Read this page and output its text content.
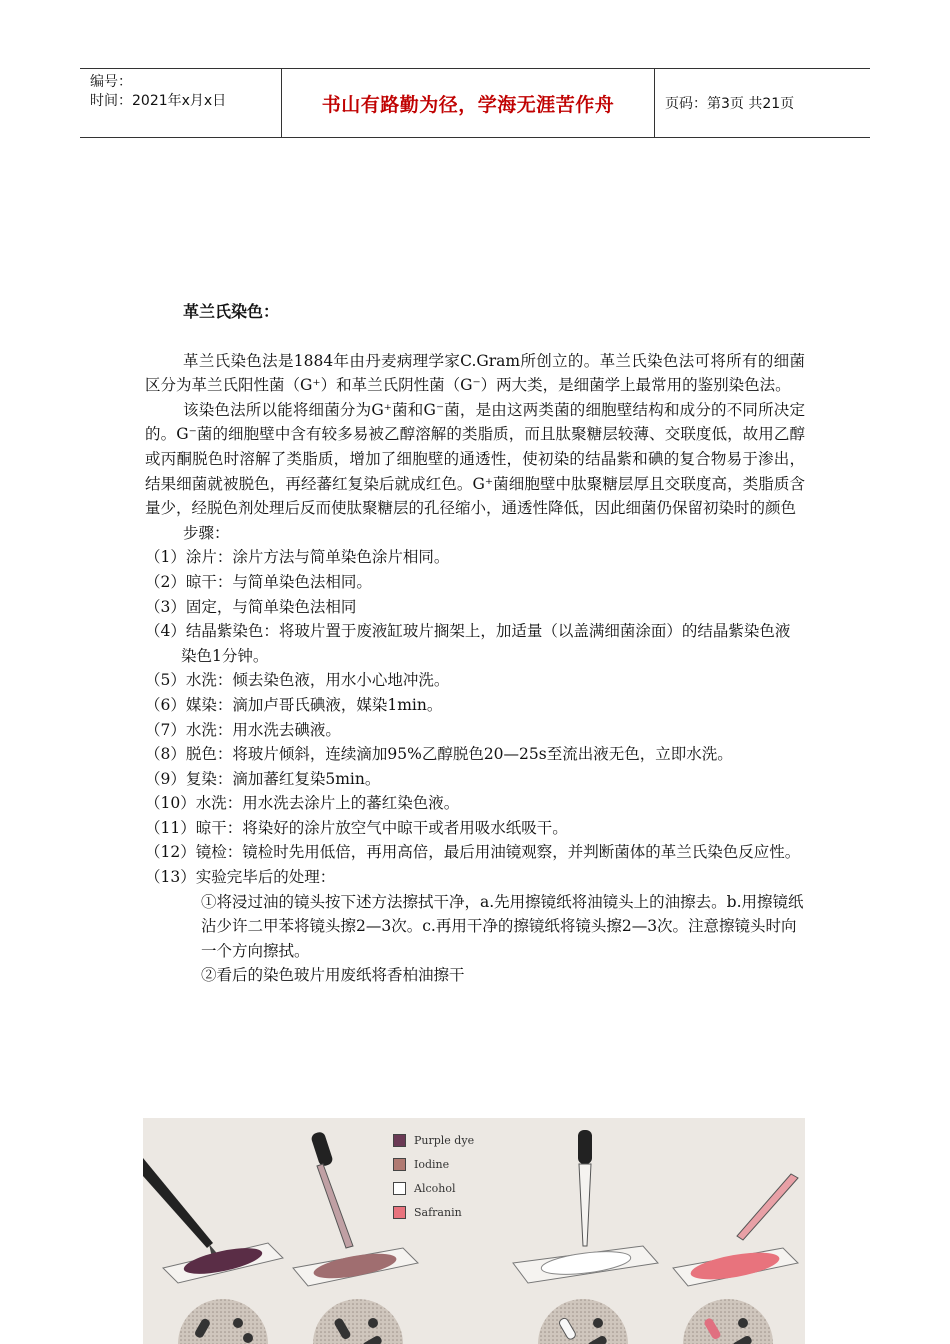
编号：
时间：2021年x月x日	书山有路勤为径，学海无涯苦作舟	页码：第3页 共21页

革兰氏染色：

革兰氏染色法是1884年由丹麦病理学家C.Gram所创立的。革兰氏染色法可将所有的细菌区分为革兰氏阳性菌（G⁺）和革兰氏阴性菌（G⁻）两大类，是细菌学上最常用的鉴别染色法。

该染色法所以能将细菌分为G⁺菌和G⁻菌，是由这两类菌的细胞壁结构和成分的不同所决定的。G⁻菌的细胞壁中含有较多易被乙醇溶解的类脂质，而且肽聚糖层较薄、交联度低，故用乙醇或丙酮脱色时溶解了类脂质，增加了细胞壁的通透性，使初染的结晶紫和碘的复合物易于渗出，结果细菌就被脱色，再经蕃红复染后就成红色。G⁺菌细胞壁中肽聚糖层厚且交联度高，类脂质含量少，经脱色剂处理后反而使肽聚糖层的孔径缩小，通透性降低，因此细菌仍保留初染时的颜色

步骤：

（1）涂片：涂片方法与简单染色涂片相同。

（2）晾干：与简单染色法相同。

（3）固定，与简单染色法相同

（4）结晶紫染色：将玻片置于废液缸玻片搁架上，加适量（以盖满细菌涂面）的结晶紫染色液染色1分钟。

（5）水洗：倾去染色液，用水小心地冲洗。

（6）媒染：滴加卢哥氏碘液，媒染1min。

（7）水洗：用水洗去碘液。

（8）脱色：将玻片倾斜，连续滴加95%乙醇脱色20—25s至流出液无色，立即水洗。

（9）复染：滴加蕃红复染5min。

（10）水洗：用水洗去涂片上的蕃红染色液。

（11）晾干：将染好的涂片放空气中晾干或者用吸水纸吸干。

（12）镜检：镜检时先用低倍，再用高倍，最后用油镜观察，并判断菌体的革兰氏染色反应性。

（13）实验完毕后的处理：

①将浸过油的镜头按下述方法擦拭干净，a.先用擦镜纸将油镜头上的油擦去。b.用擦镜纸沾少许二甲苯将镜头擦2—3次。c.再用干净的擦镜纸将镜头擦2—3次。注意擦镜头时向一个方向擦拭。

②看后的染色玻片用废纸将香柏油擦干

Purple dye
Iodine
Alcohol
Safranin
